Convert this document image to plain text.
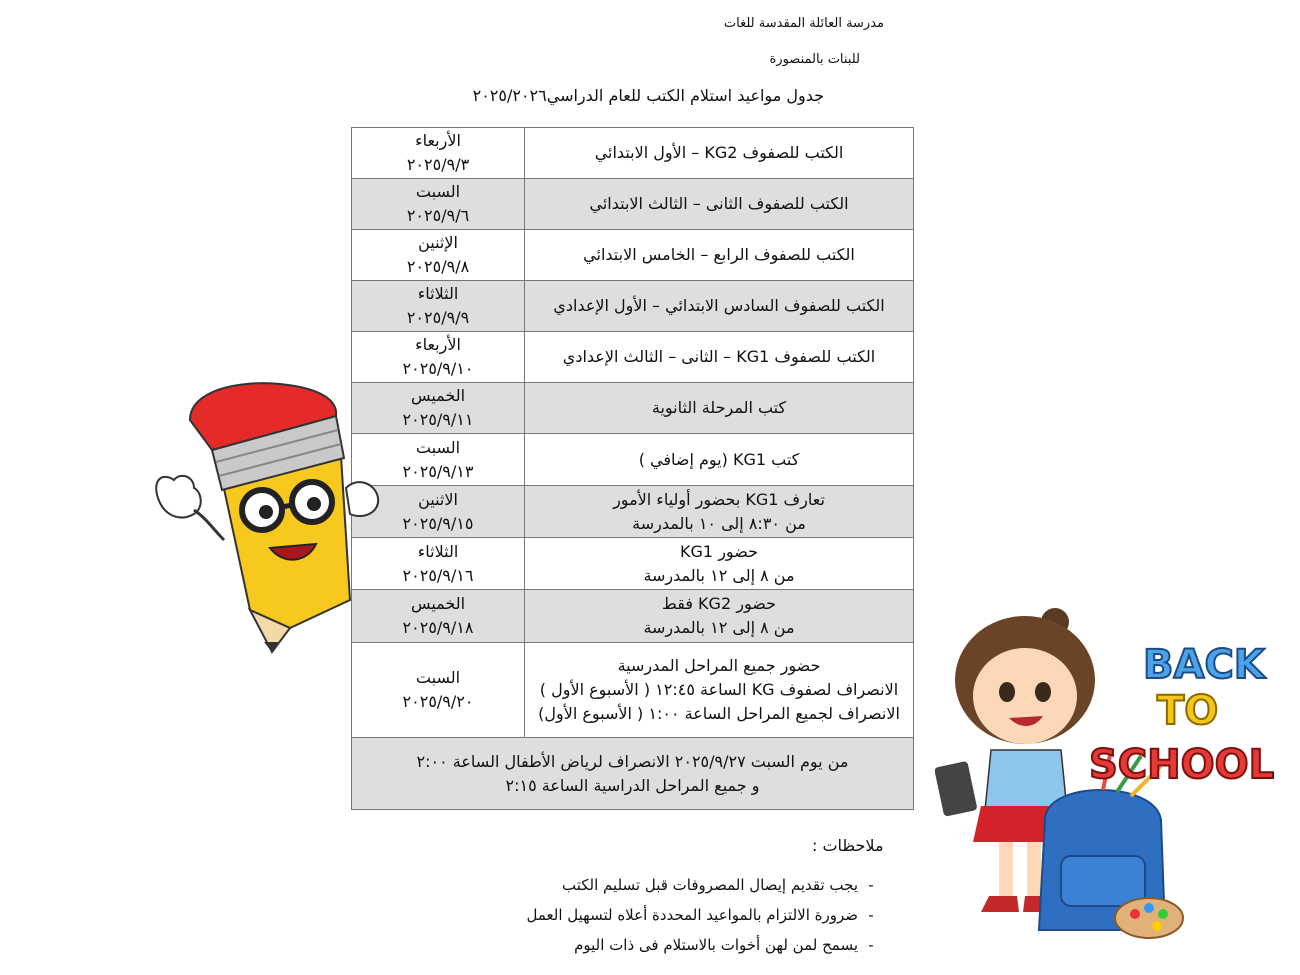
مدرسة العائلة المقدسة للغات
للبنات بالمنصورة
جدول مواعيد استلام الكتب للعام الدراسي٢٠٢٥/٢٠٢٦
الأربعاء
٢٠٢٥/٩/٣	الكتب للصفوف KG2 – الأول الابتدائي

السبت
٢٠٢٥/٩/٦	الكتب للصفوف الثانى – الثالث الابتدائي

الإثنين
٢٠٢٥/٩/٨	الكتب للصفوف الرابع – الخامس الابتدائي

الثلاثاء
٢٠٢٥/٩/٩	الكتب للصفوف السادس الابتدائي – الأول الإعدادي

الأربعاء
٢٠٢٥/٩/١٠	الكتب للصفوف KG1 – الثانى – الثالث الإعدادي

الخميس
٢٠٢٥/٩/١١	كتب المرحلة الثانوية

السبت
٢٠٢٥/٩/١٣	كتب KG1 (يوم إضافي )

الاثنين
٢٠٢٥/٩/١٥	تعارف KG1 بحضور أولياء الأمور
من ٨:٣٠ إلى ١٠ بالمدرسة

الثلاثاء
٢٠٢٥/٩/١٦	حضور KG1
من ٨ إلى ١٢ بالمدرسة

الخميس
٢٠٢٥/٩/١٨	حضور KG2 فقط
من ٨ إلى ١٢ بالمدرسة

السبت
٢٠٢٥/٩/٢٠	حضور جميع المراحل المدرسية
الانصراف لصفوف KG الساعة ١٢:٤٥ ( الأسبوع الأول )
الانصراف لجميع المراحل الساعة ١:٠٠ ( الأسبوع الأول)

من يوم السبت ٢٠٢٥/٩/٢٧ الانصراف لرياض الأطفال الساعة ٢:٠٠
و جميع المراحل الدراسية الساعة ٢:١٥	
ملاحظات :
- يجب تقديم إيصال المصروفات قبل تسليم الكتب
- ضرورة الالتزام بالمواعيد المحددة أعلاه لتسهيل العمل
- يسمح لمن لهن أخوات بالاستلام فى ذات اليوم
BACK
TO
SCHOOL
